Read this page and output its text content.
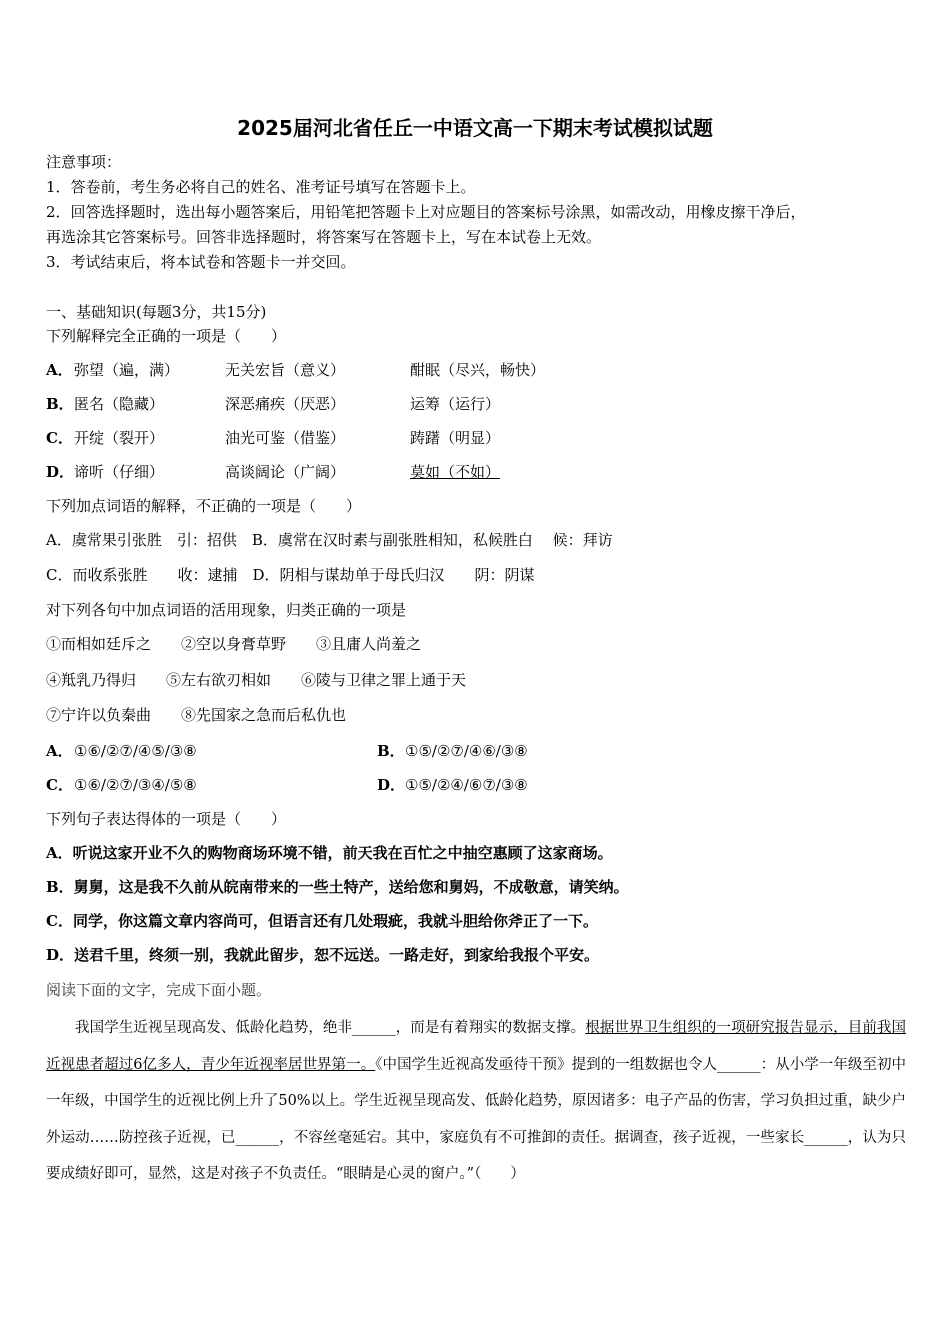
2025届河北省任丘一中语文高一下期末考试模拟试题
注意事项：
1．答卷前，考生务必将自己的姓名、准考证号填写在答题卡上。
2．回答选择题时，选出每小题答案后，用铅笔把答题卡上对应题目的答案标号涂黑，如需改动，用橡皮擦干净后，
再选涂其它答案标号。回答非选择题时，将答案写在答题卡上，写在本试卷上无效。
3．考试结束后，将本试卷和答题卡一并交回。
一、基础知识(每题3分，共15分)
下列解释完全正确的一项是（　　）
A． 弥望（遍，满）	无关宏旨（意义）	酣眠（尽兴，畅快）
B． 匿名（隐藏）	深恶痛疾（厌恶）	运筹（运行）
C． 开绽（裂开）	油光可鉴（借鉴）	踌躇（明显）
D． 谛听（仔细）	高谈阔论（广阔）	莫如（不如）
下列加点词语的解释，不正确的一项是（　　）
A．虞常果引张胜　引：招供　B．虞常在汉时素与副张胜相知，私候胜白　 候：拜访
C．而收系张胜　　收：逮捕　D．阴相与谋劫单于母氏归汉　　阴：阴谋
对下列各句中加点词语的活用现象，归类正确的一项是
①而相如廷斥之　　②空以身膏草野　　③且庸人尚羞之
④羝乳乃得归　　⑤左右欲刃相如　　⑥陵与卫律之罪上通于天
⑦宁许以负秦曲　　⑧先国家之急而后私仇也
A． ①⑥/②⑦/④⑤/③⑧	B． ①⑤/②⑦/④⑥/③⑧
C． ①⑥/②⑦/③④/⑤⑧	D． ①⑤/②④/⑥⑦/③⑧
下列句子表达得体的一项是（　　）
A．听说这家开业不久的购物商场环境不错，前天我在百忙之中抽空惠顾了这家商场。
B．舅舅，这是我不久前从皖南带来的一些土特产，送给您和舅妈，不成敬意，请笑纳。
C．同学，你这篇文章内容尚可，但语言还有几处瑕疵，我就斗胆给你斧正了一下。
D．送君千里，终须一别，我就此留步，恕不远送。一路走好，到家给我报个平安。
阅读下面的文字，完成下面小题。
我国学生近视呈现高发、低龄化趋势，绝非______，而是有着翔实的数据支撑。根据世界卫生组织的一项研究报告显示，目前我国近视患者超过6亿多人，青少年近视率居世界第一。《中国学生近视高发亟待干预》提到的一组数据也令人______：从小学一年级至初中一年级，中国学生的近视比例上升了50%以上。学生近视呈现高发、低龄化趋势，原因诸多：电子产品的伤害，学习负担过重，缺少户外运动……防控孩子近视，已______，不容丝毫延宕。其中，家庭负有不可推卸的责任。据调查，孩子近视，一些家长______，认为只要成绩好即可，显然，这是对孩子不负责任。“眼睛是心灵的窗户。”（　　）
